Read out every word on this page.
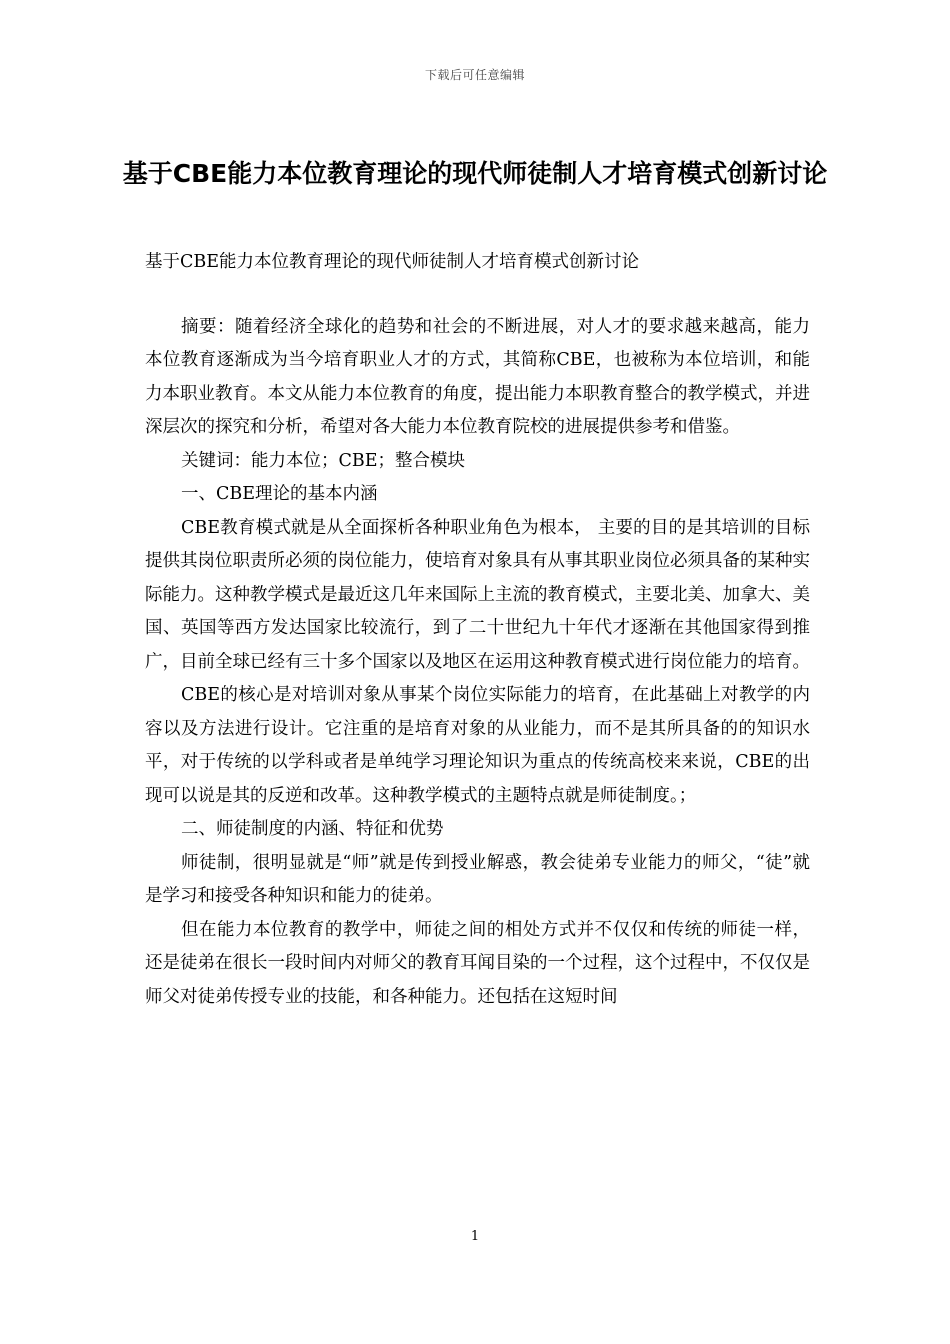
下载后可任意编辑
基于CBE能力本位教育理论的现代师徒制人才培育模式创新讨论

基于CBE能力本位教育理论的现代师徒制人才培育模式创新讨论

摘要：随着经济全球化的趋势和社会的不断进展，对人才的要求越来越高，能力本位教育逐渐成为当今培育职业人才的方式，其简称CBE，也被称为本位培训，和能力本职业教育。本文从能力本位教育的角度，提出能力本职教育整合的教学模式，并进深层次的探究和分析，希望对各大能力本位教育院校的进展提供参考和借鉴。

关键词：能力本位；CBE；整合模块

一、CBE理论的基本内涵

CBE教育模式就是从全面探析各种职业角色为根本， 主要的目的是其培训的目标提供其岗位职责所必须的岗位能力，使培育对象具有从事其职业岗位必须具备的某种实际能力。这种教学模式是最近这几年来国际上主流的教育模式，主要北美、加拿大、美国、英国等西方发达国家比较流行，到了二十世纪九十年代才逐渐在其他国家得到推广，目前全球已经有三十多个国家以及地区在运用这种教育模式进行岗位能力的培育。

CBE的核心是对培训对象从事某个岗位实际能力的培育，在此基础上对教学的内容以及方法进行设计。它注重的是培育对象的从业能力，而不是其所具备的的知识水平，对于传统的以学科或者是单纯学习理论知识为重点的传统高校来来说，CBE的出现可以说是其的反逆和改革。这种教学模式的主题特点就是师徒制度。；

二、师徒制度的内涵、特征和优势

师徒制，很明显就是“师”就是传到授业解惑，教会徒弟专业能力的师父，“徒”就是学习和接受各种知识和能力的徒弟。

但在能力本位教育的教学中，师徒之间的相处方式并不仅仅和传统的师徒一样，还是徒弟在很长一段时间内对师父的教育耳闻目染的一个过程，这个过程中，不仅仅是师父对徒弟传授专业的技能，和各种能力。还包括在这短时间

1
